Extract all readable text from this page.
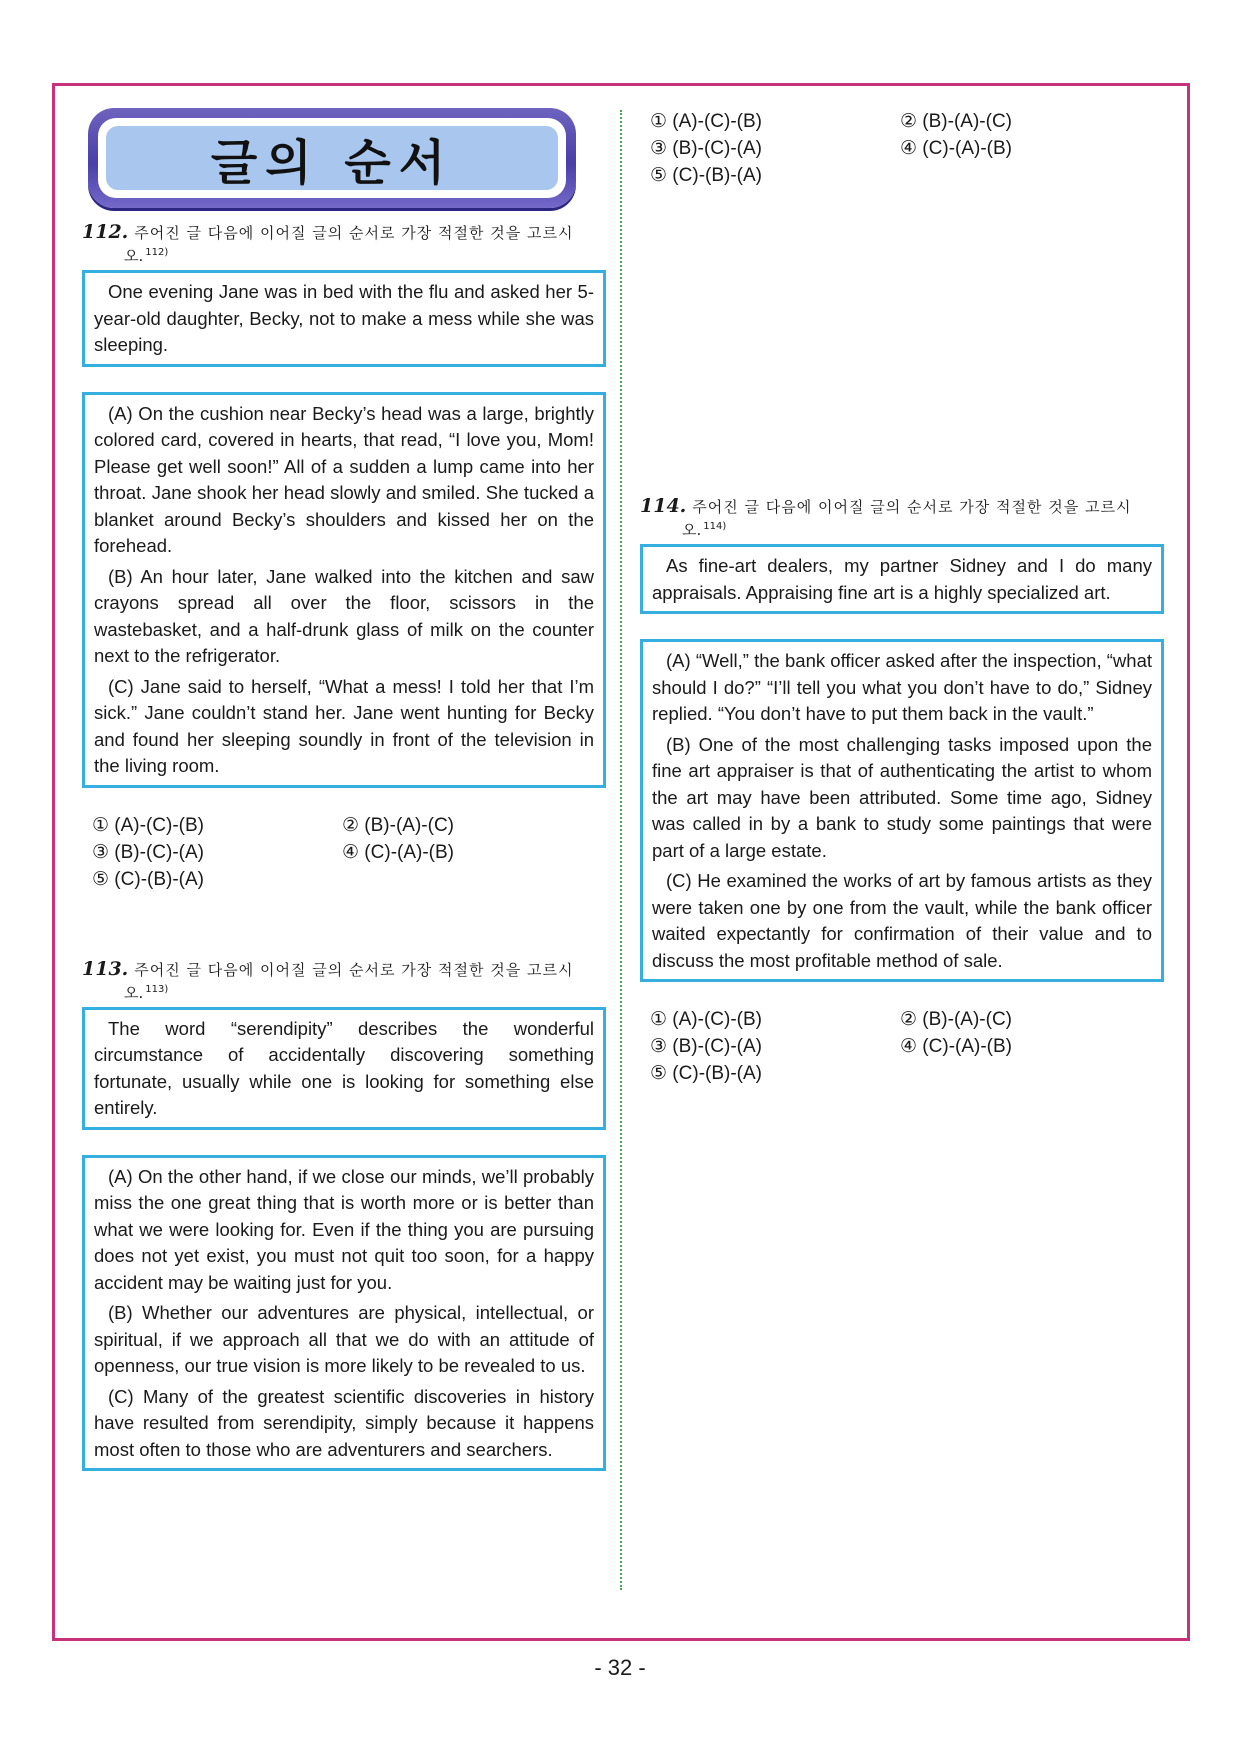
글의 순서
112. 주어진 글 다음에 이어질 글의 순서로 가장 적절한 것을 고르시
오. $^{112)}$

One evening Jane was in bed with the flu and asked her 5-year-old daughter, Becky, not to make a mess while she was sleeping.

(A) On the cushion near Becky’s head was a large, brightly colored card, covered in hearts, that read, “I love you, Mom! Please get well soon!” All of a sudden a lump came into her throat. Jane shook her head slowly and smiled. She tucked a blanket around Becky’s shoulders and kissed her on the forehead.

(B) An hour later, Jane walked into the kitchen and saw crayons spread all over the floor, scissors in the wastebasket, and a half-drunk glass of milk on the counter next to the refrigerator.

(C) Jane said to herself, “What a mess! I told her that I’m sick.” Jane couldn’t stand her. Jane went hunting for Becky and found her sleeping soundly in front of the television in the living room.

① (A)-(C)-(B)	② (B)-(A)-(C)
③ (B)-(C)-(A)	④ (C)-(A)-(B)
⑤ (C)-(B)-(A)
113. 주어진 글 다음에 이어질 글의 순서로 가장 적절한 것을 고르시
오. $^{113)}$

The word “serendipity” describes the wonderful circumstance of accidentally discovering something fortunate, usually while one is looking for something else entirely.

(A) On the other hand, if we close our minds, we’ll probably miss the one great thing that is worth more or is better than what we were looking for. Even if the thing you are pursuing does not yet exist, you must not quit too soon, for a happy accident may be waiting just for you.

(B) Whether our adventures are physical, intellectual, or spiritual, if we approach all that we do with an attitude of openness, our true vision is more likely to be revealed to us.

(C) Many of the greatest scientific discoveries in history have resulted from serendipity, simply because it happens most often to those who are adventurers and searchers.

① (A)-(C)-(B)	② (B)-(A)-(C)
③ (B)-(C)-(A)	④ (C)-(A)-(B)
⑤ (C)-(B)-(A)
114. 주어진 글 다음에 이어질 글의 순서로 가장 적절한 것을 고르시
오. $^{114)}$

As fine-art dealers, my partner Sidney and I do many appraisals. Appraising fine art is a highly specialized art.

(A) “Well,” the bank officer asked after the inspection, “what should I do?” “I’ll tell you what you don’t have to do,” Sidney replied. “You don’t have to put them back in the vault.”

(B) One of the most challenging tasks imposed upon the fine art appraiser is that of authenticating the artist to whom the art may have been attributed. Some time ago, Sidney was called in by a bank to study some paintings that were part of a large estate.

(C) He examined the works of art by famous artists as they were taken one by one from the vault, while the bank officer waited expectantly for confirmation of their value and to discuss the most profitable method of sale.

① (A)-(C)-(B)	② (B)-(A)-(C)
③ (B)-(C)-(A)	④ (C)-(A)-(B)
⑤ (C)-(B)-(A)
- 32 -
